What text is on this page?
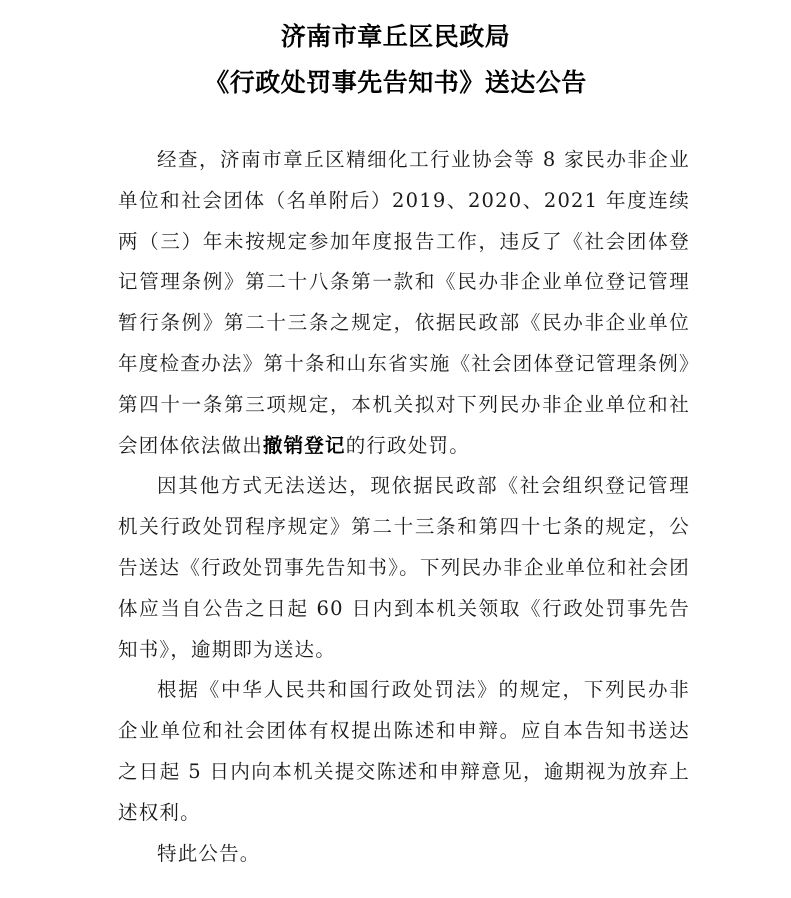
济南市章丘区民政局
《行政处罚事先告知书》送达公告

经查，济南市章丘区精细化工行业协会等 8 家民办非企业单位和社会团体（名单附后）2019、2020、2021 年度连续两（三）年未按规定参加年度报告工作，违反了《社会团体登记管理条例》第二十八条第一款和《民办非企业单位登记管理暂行条例》第二十三条之规定，依据民政部《民办非企业单位年度检查办法》第十条和山东省实施《社会团体登记管理条例》第四十一条第三项规定，本机关拟对下列民办非企业单位和社会团体依法做出撤销登记的行政处罚。

因其他方式无法送达，现依据民政部《社会组织登记管理机关行政处罚程序规定》第二十三条和第四十七条的规定，公告送达《行政处罚事先告知书》。下列民办非企业单位和社会团体应当自公告之日起 60 日内到本机关领取《行政处罚事先告知书》，逾期即为送达。

根据《中华人民共和国行政处罚法》的规定，下列民办非企业单位和社会团体有权提出陈述和申辩。应自本告知书送达之日起 5 日内向本机关提交陈述和申辩意见，逾期视为放弃上述权利。

特此公告。
